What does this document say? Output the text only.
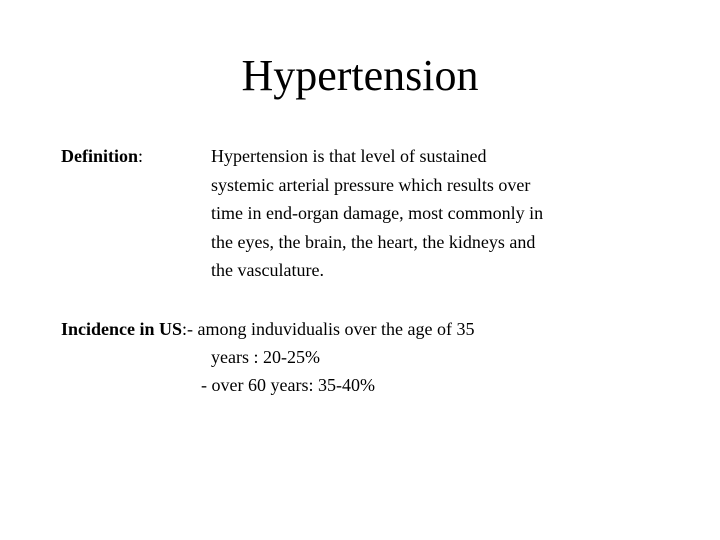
Hypertension
Definition:	Hypertension is that level of sustained
systemic arterial pressure which results over
time in end-organ damage, most commonly in
the eyes, the brain, the heart, the kidneys and
the vasculature.
Incidence in US:- among induvidualis over the age of 35
years : 20-25%
- over 60 years: 35-40%
